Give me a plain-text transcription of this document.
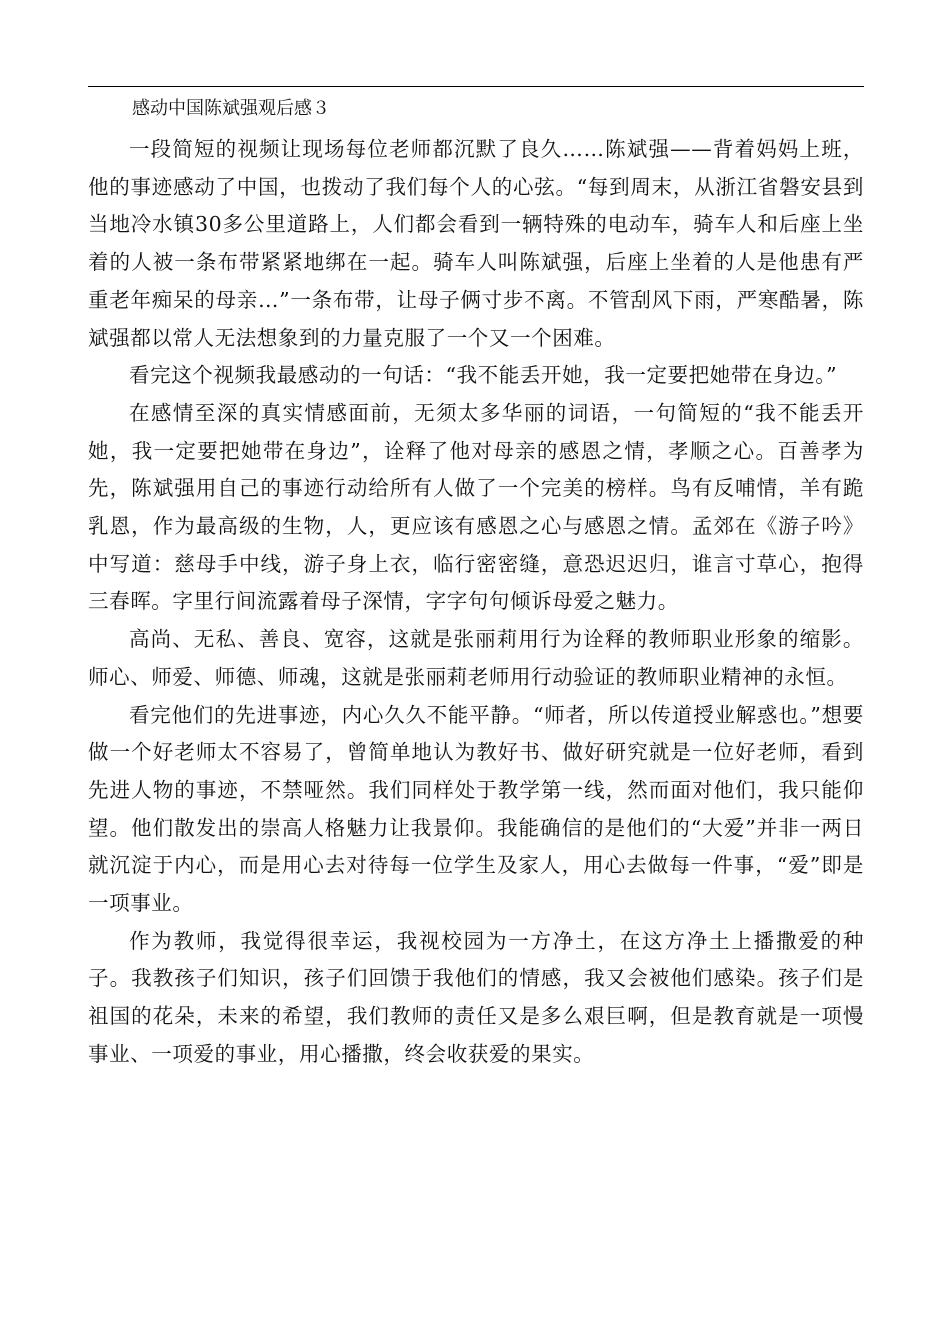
感动中国陈斌强观后感３

一段简短的视频让现场每位老师都沉默了良久……陈斌强——背着妈妈上班，他的事迹感动了中国，也拨动了我们每个人的心弦。“每到周末，从浙江省磐安县到当地冷水镇30多公里道路上，人们都会看到一辆特殊的电动车，骑车人和后座上坐着的人被一条布带紧紧地绑在一起。骑车人叫陈斌强，后座上坐着的人是他患有严重老年痴呆的母亲…”一条布带，让母子俩寸步不离。不管刮风下雨，严寒酷暑，陈斌强都以常人无法想象到的力量克服了一个又一个困难。

看完这个视频我最感动的一句话：“我不能丢开她，我一定要把她带在身边。”

在感情至深的真实情感面前，无须太多华丽的词语，一句简短的“我不能丢开她，我一定要把她带在身边”，诠释了他对母亲的感恩之情，孝顺之心。百善孝为先，陈斌强用自己的事迹行动给所有人做了一个完美的榜样。鸟有反哺情，羊有跪乳恩，作为最高级的生物，人，更应该有感恩之心与感恩之情。孟郊在《游子吟》中写道：慈母手中线，游子身上衣，临行密密缝，意恐迟迟归，谁言寸草心，抱得三春晖。字里行间流露着母子深情，字字句句倾诉母爱之魅力。

高尚、无私、善良、宽容，这就是张丽莉用行为诠释的教师职业形象的缩影。师心、师爱、师德、师魂，这就是张丽莉老师用行动验证的教师职业精神的永恒。

看完他们的先进事迹，内心久久不能平静。“师者，所以传道授业解惑也。”想要做一个好老师太不容易了，曾简单地认为教好书、做好研究就是一位好老师，看到先进人物的事迹，不禁哑然。我们同样处于教学第一线，然而面对他们，我只能仰望。他们散发出的崇高人格魅力让我景仰。我能确信的是他们的“大爱”并非一两日就沉淀于内心，而是用心去对待每一位学生及家人，用心去做每一件事，“爱”即是一项事业。

作为教师，我觉得很幸运，我视校园为一方净土，在这方净土上播撒爱的种子。我教孩子们知识，孩子们回馈于我他们的情感，我又会被他们感染。孩子们是祖国的花朵，未来的希望，我们教师的责任又是多么艰巨啊，但是教育就是一项慢事业、一项爱的事业，用心播撒，终会收获爱的果实。
